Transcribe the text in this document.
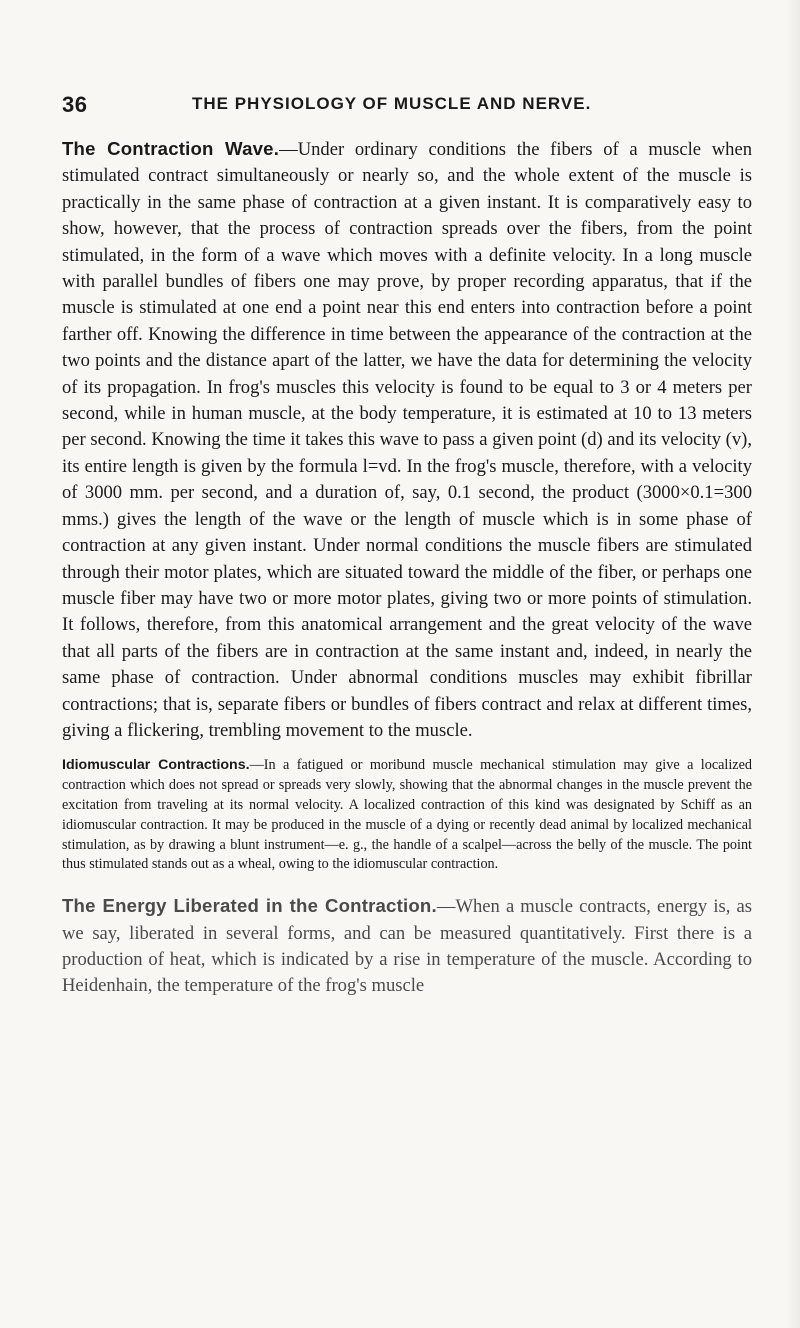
36	THE PHYSIOLOGY OF MUSCLE AND NERVE.

The Contraction Wave.—Under ordinary conditions the fibers of a muscle when stimulated contract simultaneously or nearly so, and the whole extent of the muscle is practically in the same phase of contraction at a given instant. It is comparatively easy to show, however, that the process of contraction spreads over the fibers, from the point stimulated, in the form of a wave which moves with a definite velocity. In a long muscle with parallel bundles of fibers one may prove, by proper recording apparatus, that if the muscle is stimulated at one end a point near this end enters into contraction before a point farther off. Knowing the difference in time between the appearance of the contraction at the two points and the distance apart of the latter, we have the data for determining the velocity of its propagation. In frog's muscles this velocity is found to be equal to 3 or 4 meters per second, while in human muscle, at the body temperature, it is estimated at 10 to 13 meters per second. Knowing the time it takes this wave to pass a given point (d) and its velocity (v), its entire length is given by the formula l=vd. In the frog's muscle, therefore, with a velocity of 3000 mm. per second, and a duration of, say, 0.1 second, the product (3000×0.1=300 mms.) gives the length of the wave or the length of muscle which is in some phase of contraction at any given instant. Under normal conditions the muscle fibers are stimulated through their motor plates, which are situated toward the middle of the fiber, or perhaps one muscle fiber may have two or more motor plates, giving two or more points of stimulation. It follows, therefore, from this anatomical arrangement and the great velocity of the wave that all parts of the fibers are in contraction at the same instant and, indeed, in nearly the same phase of contraction. Under abnormal conditions muscles may exhibit fibrillar contractions; that is, separate fibers or bundles of fibers contract and relax at different times, giving a flickering, trembling movement to the muscle.

Idiomuscular Contractions.—In a fatigued or moribund muscle mechanical stimulation may give a localized contraction which does not spread or spreads very slowly, showing that the abnormal changes in the muscle prevent the excitation from traveling at its normal velocity. A localized contraction of this kind was designated by Schiff as an idiomuscular contraction. It may be produced in the muscle of a dying or recently dead animal by localized mechanical stimulation, as by drawing a blunt instrument—e. g., the handle of a scalpel—across the belly of the muscle. The point thus stimulated stands out as a wheal, owing to the idiomuscular contraction.

The Energy Liberated in the Contraction.—When a muscle contracts, energy is, as we say, liberated in several forms, and can be measured quantitatively. First there is a production of heat, which is indicated by a rise in temperature of the muscle. According to Heidenhain, the temperature of the frog's muscle
